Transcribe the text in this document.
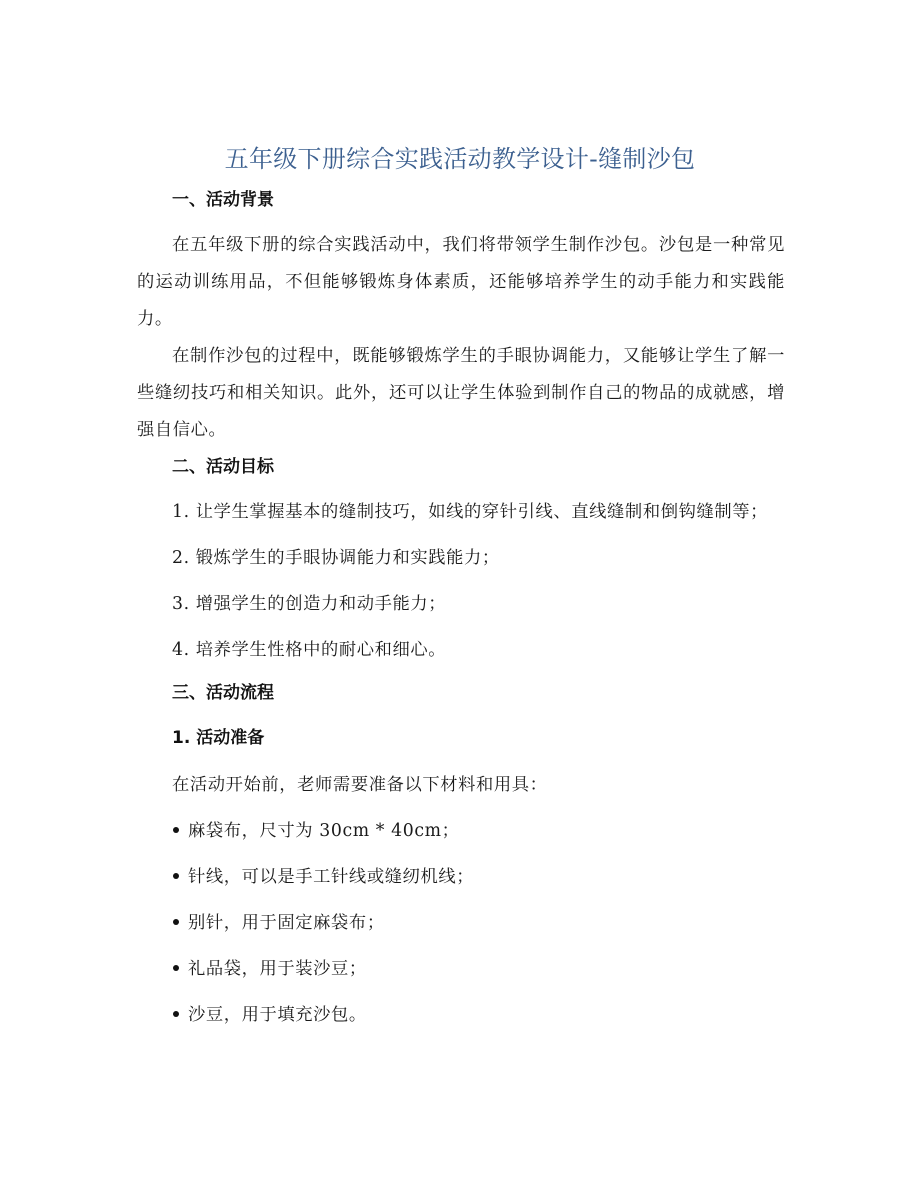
五年级下册综合实践活动教学设计-缝制沙包
一、活动背景
在五年级下册的综合实践活动中，我们将带领学生制作沙包。沙包是一种常见的运动训练用品，不但能够锻炼身体素质，还能够培养学生的动手能力和实践能力。
在制作沙包的过程中，既能够锻炼学生的手眼协调能力，又能够让学生了解一些缝纫技巧和相关知识。此外，还可以让学生体验到制作自己的物品的成就感，增强自信心。
二、活动目标
1. 让学生掌握基本的缝制技巧，如线的穿针引线、直线缝制和倒钩缝制等；
2. 锻炼学生的手眼协调能力和实践能力；
3. 增强学生的创造力和动手能力；
4. 培养学生性格中的耐心和细心。
三、活动流程
1. 活动准备
在活动开始前，老师需要准备以下材料和用具：
麻袋布，尺寸为 30cm * 40cm；
针线，可以是手工针线或缝纫机线；
别针，用于固定麻袋布；
礼品袋，用于装沙豆；
沙豆，用于填充沙包。
